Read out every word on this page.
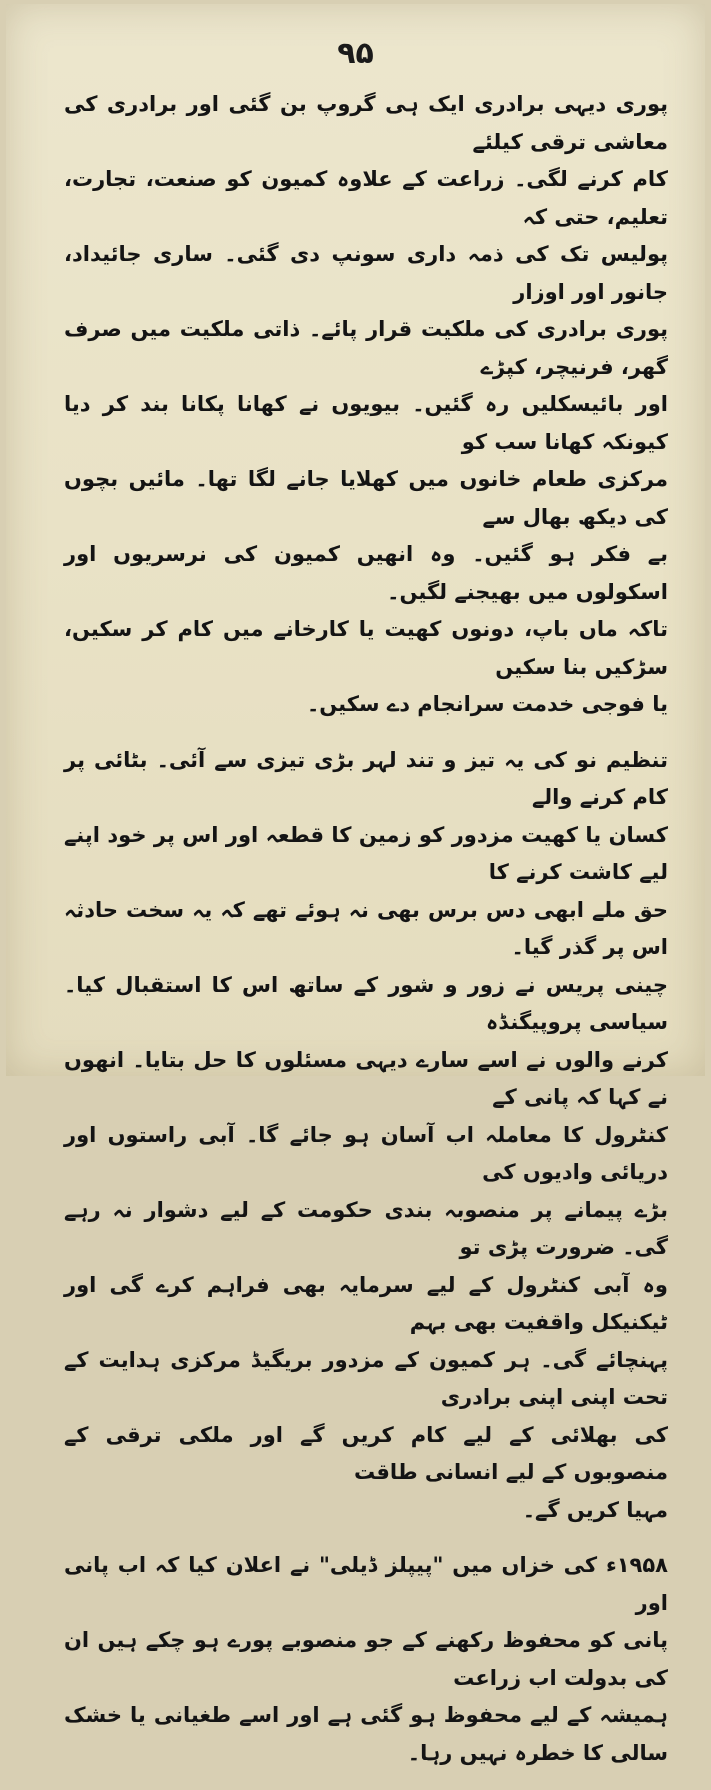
۹۵

پوری دیہی برادری ایک ہی گروپ بن گئی اور برادری کی معاشی ترقی کیلئے

کام کرنے لگی۔ زراعت کے علاوہ کمیون کو صنعت، تجارت، تعلیم، حتی کہ

پولیس تک کی ذمہ داری سونپ دی گئی۔ ساری جائیداد، جانور اور اوزار

پوری برادری کی ملکیت قرار پائے۔ ذاتی ملکیت میں صرف گھر، فرنیچر، کپڑے

اور بائیسکلیں رہ گئیں۔ بیویوں نے کھانا پکانا بند کر دیا کیونکہ کھانا سب کو

مرکزی طعام خانوں میں کھلایا جانے لگا تھا۔ مائیں بچوں کی دیکھ بھال سے

بے فکر ہو گئیں۔ وہ انھیں کمیون کی نرسریوں اور اسکولوں میں بھیجنے لگیں۔

تاکہ ماں باپ، دونوں کھیت یا کارخانے میں کام کر سکیں، سڑکیں بنا سکیں

یا فوجی خدمت سرانجام دے سکیں۔

تنظیم نو کی یہ تیز و تند لہر بڑی تیزی سے آئی۔ بٹائی پر کام کرنے والے

کسان یا کھیت مزدور کو زمین کا قطعہ اور اس پر خود اپنے لیے کاشت کرنے کا

حق ملے ابھی دس برس بھی نہ ہوئے تھے کہ یہ سخت حادثہ اس پر گذر گیا۔

چینی پریس نے زور و شور کے ساتھ اس کا استقبال کیا۔ سیاسی پروپیگنڈہ

کرنے والوں نے اسے سارے دیہی مسئلوں کا حل بتایا۔ انھوں نے کہا کہ پانی کے

کنٹرول کا معاملہ اب آسان ہو جائے گا۔ آبی راستوں اور دریائی وادیوں کی

بڑے پیمانے پر منصوبہ بندی حکومت کے لیے دشوار نہ رہے گی۔ ضرورت پڑی تو

وہ آبی کنٹرول کے لیے سرمایہ بھی فراہم کرے گی اور ٹیکنیکل واقفیت بھی بہم

پہنچائے گی۔ ہر کمیون کے مزدور بریگیڈ مرکزی ہدایت کے تحت اپنی اپنی برادری

کی بھلائی کے لیے کام کریں گے اور ملکی ترقی کے منصوبوں کے لیے انسانی طاقت

مہیا کریں گے۔

۱۹۵۸ء کی خزاں میں "پیپلز ڈیلی" نے اعلان کیا کہ اب پانی اور

پانی کو محفوظ رکھنے کے جو منصوبے پورے ہو چکے ہیں ان کی بدولت اب زراعت

ہمیشہ کے لیے محفوظ ہو گئی ہے اور اسے طغیانی یا خشک سالی کا خطرہ نہیں رہا۔
